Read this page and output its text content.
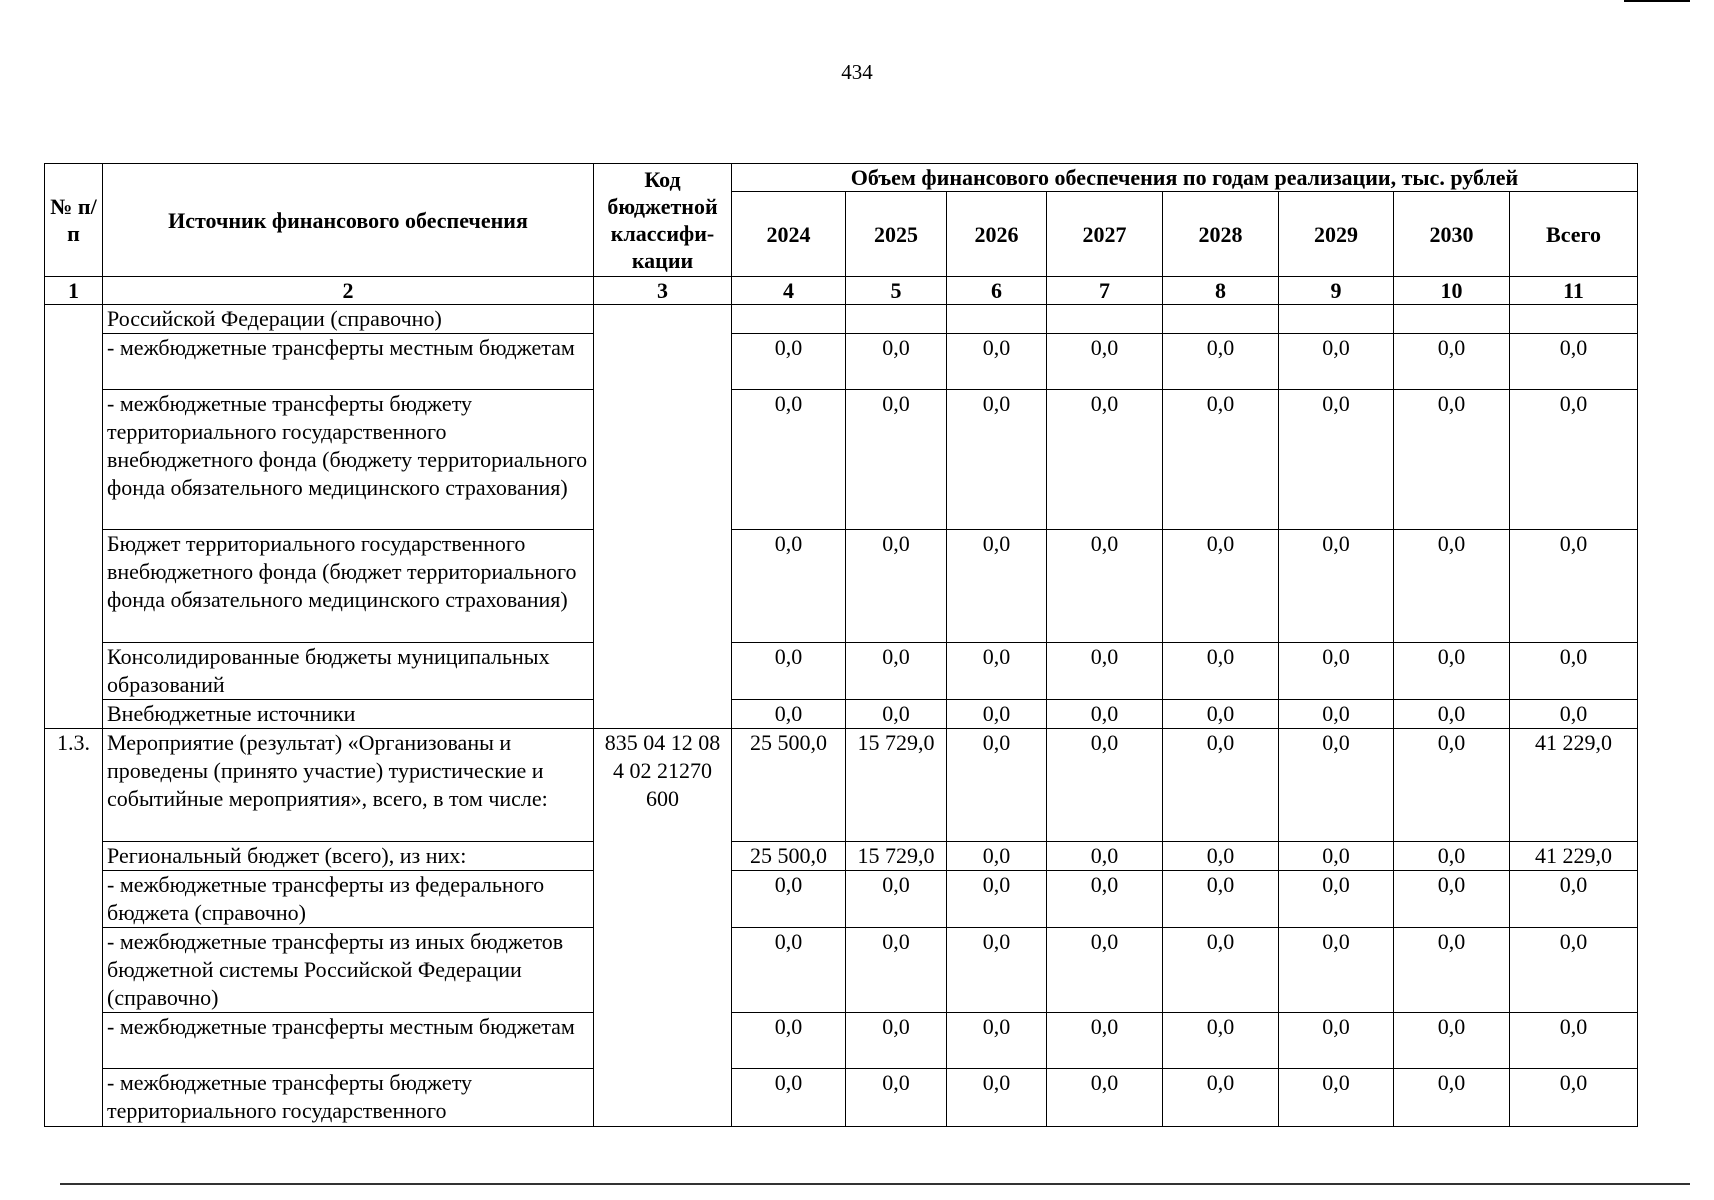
434
№ п/п	Источник финансового обеспечения	Код бюджетной классифи-кации	Объем финансового обеспечения по годам реализации, тыс. рублей							
			2024	2025	2026	2027	2028	2029	2030	Всего
1	2	3	4	5	6	7	8	9	10	11
	Российской Федерации (справочно)									
	- межбюджетные трансферты местным бюджетам		0,0	0,0	0,0	0,0	0,0	0,0	0,0	0,0
	- межбюджетные трансферты бюджету территориального государственного внебюджетного фонда (бюджету территориального фонда обязательного медицинского страхования)		0,0	0,0	0,0	0,0	0,0	0,0	0,0	0,0
	Бюджет территориального государственного внебюджетного фонда (бюджет территориального фонда обязательного медицинского страхования)		0,0	0,0	0,0	0,0	0,0	0,0	0,0	0,0
	Консолидированные бюджеты муниципальных образований		0,0	0,0	0,0	0,0	0,0	0,0	0,0	0,0
	Внебюджетные источники		0,0	0,0	0,0	0,0	0,0	0,0	0,0	0,0
1.3.	Мероприятие (результат) «Организованы и проведены (принято участие) туристические и событийные мероприятия», всего, в том числе:	835 04 12 08 4 02 21270 600	25 500,0	15 729,0	0,0	0,0	0,0	0,0	0,0	41 229,0
	Региональный бюджет (всего), из них:		25 500,0	15 729,0	0,0	0,0	0,0	0,0	0,0	41 229,0
	- межбюджетные трансферты из федерального бюджета (справочно)		0,0	0,0	0,0	0,0	0,0	0,0	0,0	0,0
	- межбюджетные трансферты из иных бюджетов бюджетной системы Российской Федерации (справочно)		0,0	0,0	0,0	0,0	0,0	0,0	0,0	0,0
	- межбюджетные трансферты местным бюджетам		0,0	0,0	0,0	0,0	0,0	0,0	0,0	0,0
	- межбюджетные трансферты бюджету территориального государственного		0,0	0,0	0,0	0,0	0,0	0,0	0,0	0,0
